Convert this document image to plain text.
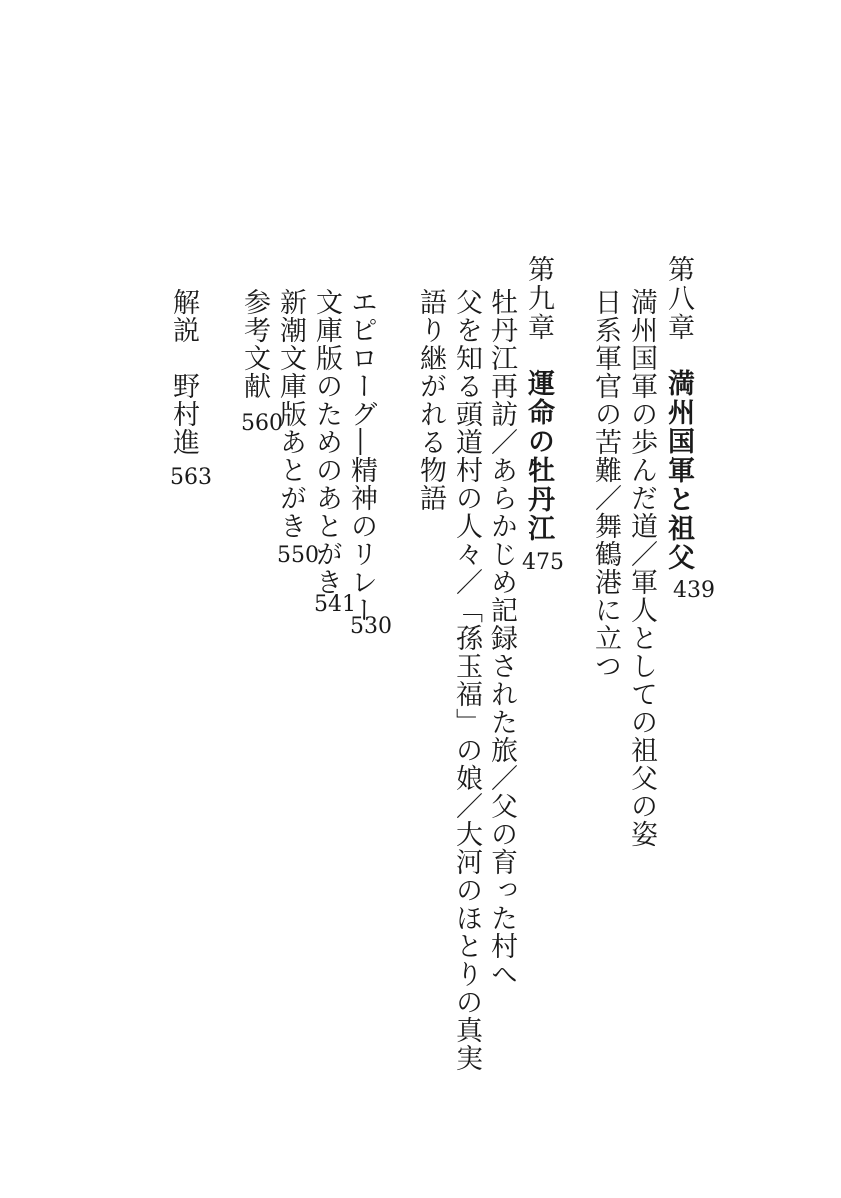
第八章満州国軍と祖父
439
満州国軍の歩んだ道／軍人としての祖父の姿
日系軍官の苦難／舞鶴港に立つ
第九章運命の牡丹江
475
牡丹江再訪／あらかじめ記録された旅／父の育った村へ
父を知る頭道村の人々／「孫玉福」の娘／大河のほとりの真実
語り継がれる物語
エピローグ―精神のリレー
530
文庫版のためのあとがき
541
新潮文庫版あとがき
550
参考文献
560
解説　野村進
563
